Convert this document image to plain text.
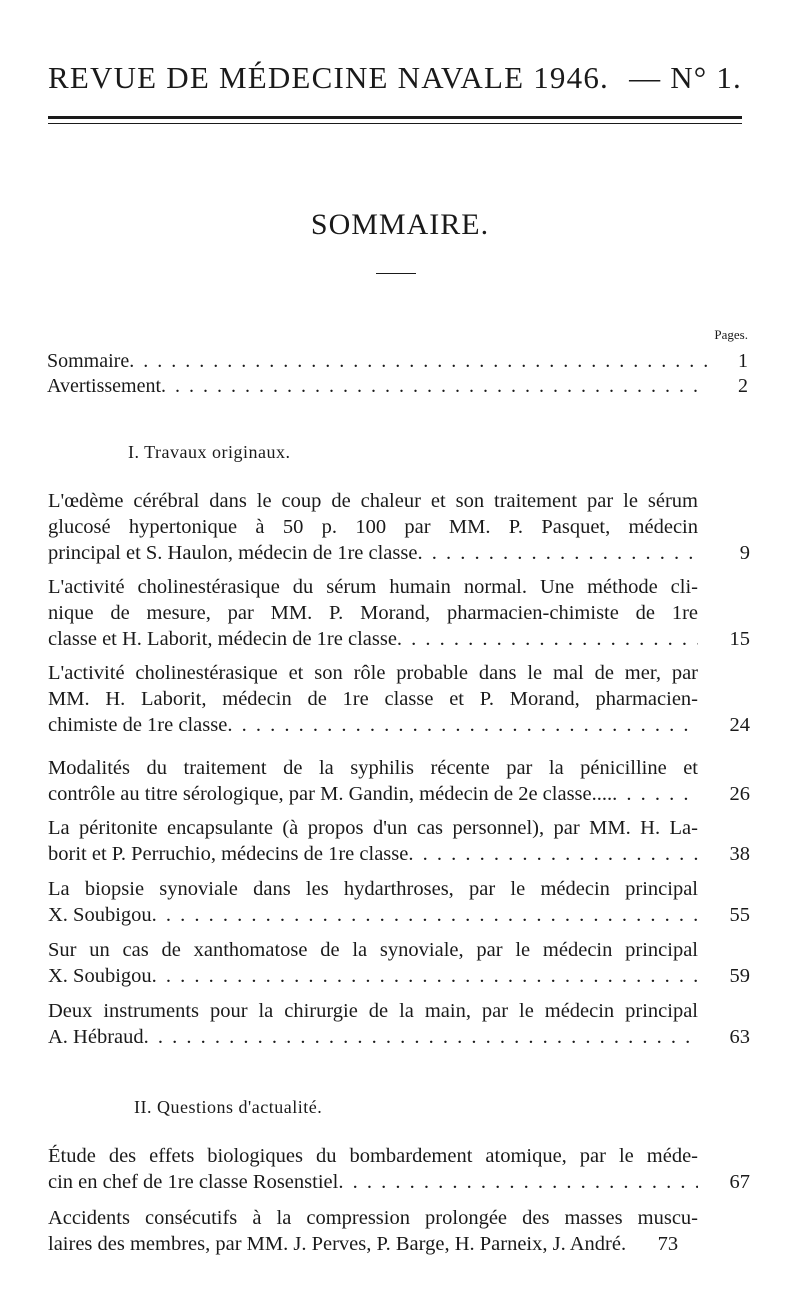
REVUE DE MÉDECINE NAVALE 1946. — N° 1.
SOMMAIRE.
Pages.
Sommaire . . .	1
Avertissement . . .	2
I. Travaux originaux.
L'œdème cérébral dans le coup de chaleur et son traitement par le sérum
glucosé hypertonique à 50 p. 100 par MM. P. Pasquet, médecin
principal et S. Haulon, médecin de 1re classe . . .	9
L'activité cholinestérasique du sérum humain normal. Une méthode cli-
nique de mesure, par MM. P. Morand, pharmacien-chimiste de 1re
classe et H. Laborit, médecin de 1re classe . . .	15
L'activité cholinestérasique et son rôle probable dans le mal de mer, par
MM. H. Laborit, médecin de 1re classe et P. Morand, pharmacien-
chimiste de 1re classe . . .	24
Modalités du traitement de la syphilis récente par la pénicilline et
contrôle au titre sérologique, par M. Gandin, médecin de 2e classe.... . . .	26
La péritonite encapsulante (à propos d'un cas personnel), par MM. H. La-
borit et P. Perruchio, médecins de 1re classe . . .	38
La biopsie synoviale dans les hydarthroses, par le médecin principal
X. Soubigou . . .	55
Sur un cas de xanthomatose de la synoviale, par le médecin principal
X. Soubigou . . .	59
Deux instruments pour la chirurgie de la main, par le médecin principal
A. Hébraud . . .	63
II. Questions d'actualité.
Étude des effets biologiques du bombardement atomique, par le méde-
cin en chef de 1re classe Rosenstiel . . .	67
Accidents consécutifs à la compression prolongée des masses muscu-
laires des membres, par MM. J. Perves, P. Barge, H. Parneix, J. André.	73
